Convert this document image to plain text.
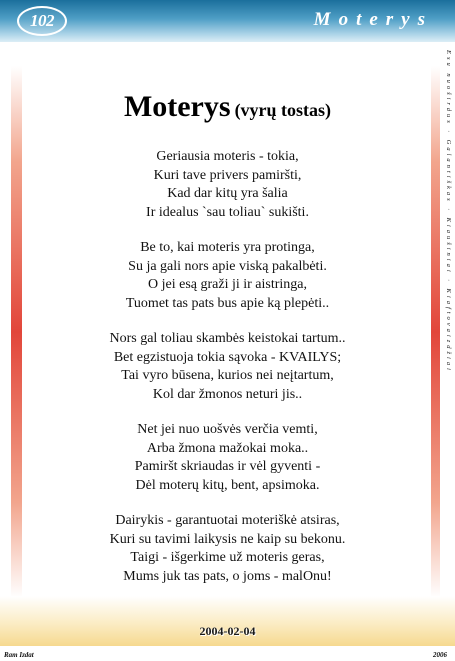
102	Moterys
Esu nuoširdus · Galantiškas · Kiaušiniai · Kiaftovaizdžiai
Moterys (vyrų tostas)
Geriausia moteris - tokia,
Kuri tave privers pamiršti,
Kad dar kitų yra šalia
Ir idealus `sau toliau` sukišti.
Be to, kai moteris yra protinga,
Su ja gali nors apie viską pakalbėti.
O jei esą graži ji ir aistringa,
Tuomet tas pats bus apie ką plepėti..
Nors gal toliau skambės keistokai tartum..
Bet egzistuoja tokia sąvoka - KVAILYS;
Tai vyro būsena, kurios nei neįtartum,
Kol dar žmonos neturi jis..
Net jei nuo uošvės verčia vemti,
Arba žmona mažokai moka..
Pamiršt skriaudas ir vėl gyventi -
Dėl moterų kitų, bent, apsimoka.
Dairykis - garantuotai moteriškė atsiras,
Kuri su tavimi laikysis ne kaip su bekonu.
Taigi - išgerkime už moteris geras,
Mums juk tas pats, o joms - malOnu!
2004-02-04
Ram Izdat	2006
